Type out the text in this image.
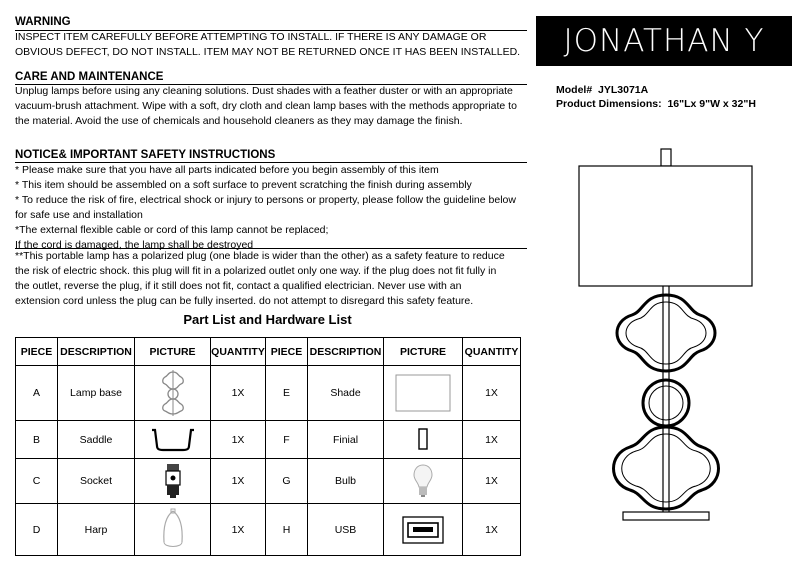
WARNING
INSPECT ITEM CAREFULLY BEFORE ATTEMPTING TO INSTALL. IF THERE IS ANY DAMAGE OR
OBVIOUS DEFECT, DO NOT INSTALL. ITEM MAY NOT BE RETURNED ONCE IT HAS BEEN INSTALLED.
CARE AND MAINTENANCE
Unplug lamps before using any cleaning solutions. Dust shades with a feather duster or with an appropriate
vacuum-brush attachment. Wipe with a soft, dry cloth and clean lamp bases with the methods appropriate to
the material. Avoid the use of chemicals and household cleaners as they may damage the finish.
NOTICE& IMPORTANT SAFETY INSTRUCTIONS
* Please make sure that you have all parts indicated before you begin assembly of this item
* This item should be assembled on a soft surface to prevent scratching the finish during assembly
* To reduce the risk of fire, electrical shock or injury to persons or property, please follow the guideline below
for safe use and installation
*The external flexible cable or cord of this lamp cannot be replaced;
If the cord is damaged, the lamp shall be destroyed
**This portable lamp has a polarized plug (one blade is wider than the other) as a safety feature to reduce
the risk of electric shock. this plug will fit in a polarized outlet only one way. if the plug does not fit fully in
the outlet, reverse the plug, if it still does not fit, contact a qualified electrician. Never use with an
extension cord unless the plug can be fully inserted. do not attempt to disregard this safety feature.
JONATHAN Y
Model# JYL3071A
Product Dimensions: 16"Lx 9"W x 32"H
Part List and Hardware List
PIECE	DESCRIPTION	PICTURE	QUANTITY	PIECE	DESCRIPTION	PICTURE	QUANTITY
A	Lamp base		1X	E	Shade		1X
B	Saddle		1X	F	Finial		1X
C	Socket		1X	G	Bulb		1X
D	Harp		1X	H	USB		1X
